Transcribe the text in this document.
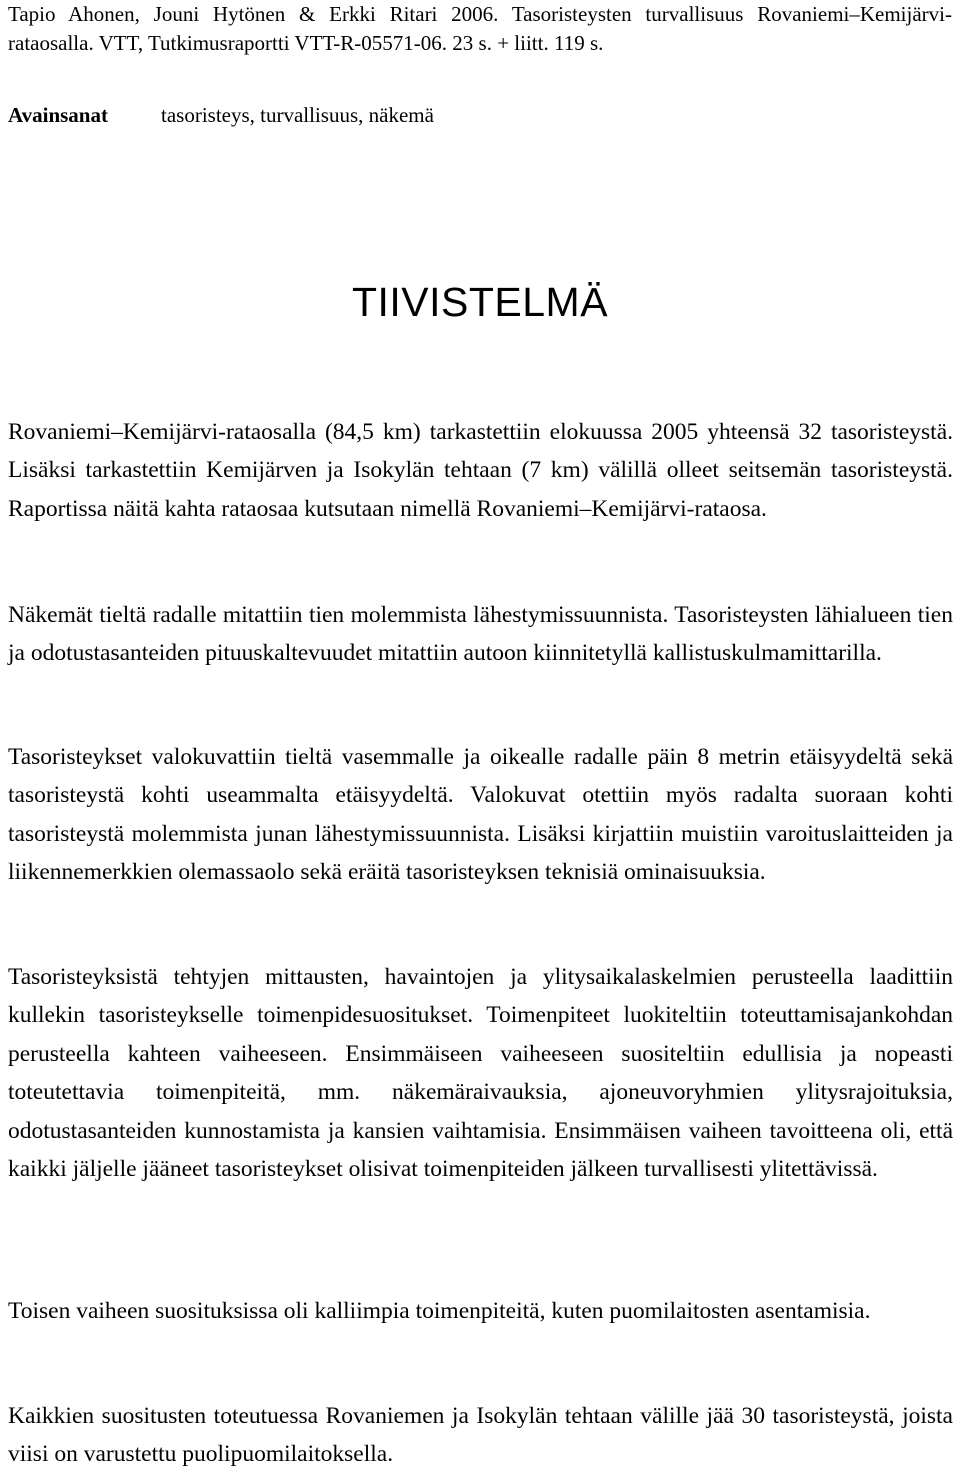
Tapio Ahonen, Jouni Hytönen & Erkki Ritari 2006. Tasoristeysten turvallisuus Rovaniemi–Kemijärvi-rataosalla. VTT, Tutkimusraportti VTT-R-05571-06. 23 s. + liitt. 119 s.
Avainsanat	tasoristeys, turvallisuus, näkemä
TIIVISTELMÄ

Rovaniemi–Kemijärvi-rataosalla (84,5 km) tarkastettiin elokuussa 2005 yhteensä 32 tasoristeystä. Lisäksi tarkastettiin Kemijärven ja Isokylän tehtaan (7 km) välillä olleet seitsemän tasoristeystä. Raportissa näitä kahta rataosaa kutsutaan nimellä Rovaniemi–Kemijärvi-rataosa.

Näkemät tieltä radalle mitattiin tien molemmista lähestymissuunnista. Tasoristeysten lähialueen tien ja odotustasanteiden pituuskaltevuudet mitattiin autoon kiinnitetyllä kallistuskulmamittarilla.

Tasoristeykset valokuvattiin tieltä vasemmalle ja oikealle radalle päin 8 metrin etäisyydeltä sekä tasoristeystä kohti useammalta etäisyydeltä. Valokuvat otettiin myös radalta suoraan kohti tasoristeystä molemmista junan lähestymissuunnista. Lisäksi kirjattiin muistiin varoituslaitteiden ja liikennemerkkien olemassaolo sekä eräitä tasoristeyksen teknisiä ominaisuuksia.

Tasoristeyksistä tehtyjen mittausten, havaintojen ja ylitysaikalaskelmien perusteella laadittiin kullekin tasoristeykselle toimenpidesuositukset. Toimenpiteet luokiteltiin toteuttamisajankohdan perusteella kahteen vaiheeseen. Ensimmäiseen vaiheeseen suositeltiin edullisia ja nopeasti toteutettavia toimenpiteitä, mm. näkemäraivauksia, ajoneuvoryhmien ylitysrajoituksia, odotustasanteiden kunnostamista ja kansien vaihtamisia. Ensimmäisen vaiheen tavoitteena oli, että kaikki jäljelle jääneet tasoristeykset olisivat toimenpiteiden jälkeen turvallisesti ylitettävissä.

Toisen vaiheen suosituksissa oli kalliimpia toimenpiteitä, kuten puomilaitosten asentamisia.

Kaikkien suositusten toteutuessa Rovaniemen ja Isokylän tehtaan välille jää 30 tasoristeystä, joista viisi on varustettu puolipuomilaitoksella.
